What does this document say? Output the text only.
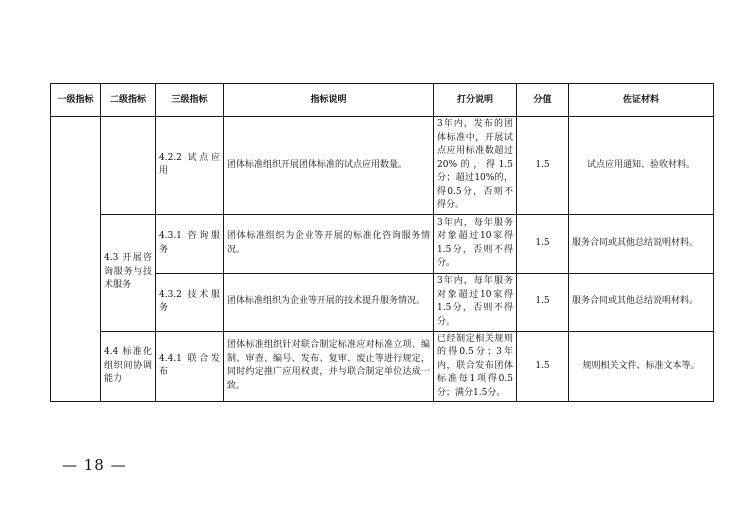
一级指标	二级指标	三级指标	指标说明	打分说明	分值	佐证材料
		4.2.2 试点应用	团体标准组织开展团体标准的试点应用数量。	3年内，发布的团体标准中，开展试点应用标准数超过20%的，得1.5分；超过10%的，得0.5分，否则不得分。	1.5	试点应用通知、验收材料。
	4.3 开展咨询服务与技术服务	4.3.1 咨询服务	团体标准组织为企业等开展的标准化咨询服务情况。	3年内，每年服务对象超过10家得1.5分，否则不得分。	1.5	服务合同或其他总结说明材料。
		4.3.2 技术服务	团体标准组织为企业等开展的技术提升服务情况。	3年内，每年服务对象超过10家得1.5分，否则不得分。	1.5	服务合同或其他总结说明材料。
	4.4 标准化组织间协调能力	4.4.1 联合发布	团体标准组织针对联合制定标准应对标准立项、编制、审查、编号、发布、复审、废止等进行规定，同时约定推广应用权责，并与联合制定单位达成一致。	已经制定相关规则的得0.5分；3年内，联合发布团体标准每1项得0.5分；满分1.5分。	1.5	规则相关文件、标准文本等。
— 18 —
